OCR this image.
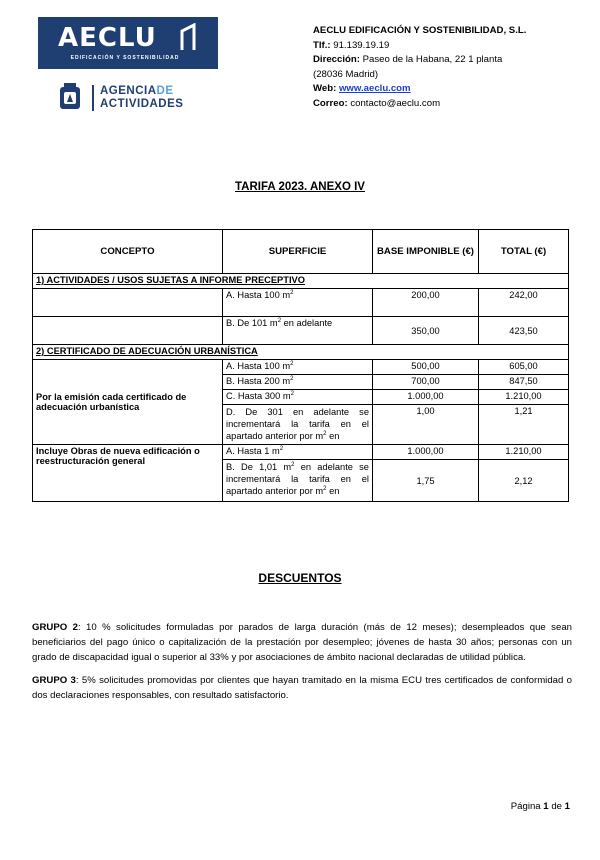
AECLU
EDIFICACIÓN Y SOSTENIBILIDAD
AGENCIADE
ACTIVIDADES
AECLU EDIFICACIÓN Y SOSTENIBILIDAD, S.L.
Tlf.: 91.139.19.19
Dirección: Paseo de la Habana, 22 1 planta
(28036 Madrid)
Web: www.aeclu.com
Correo: contacto@aeclu.com
TARIFA 2023. ANEXO IV
CONCEPTO	SUPERFICIE	BASE IMPONIBLE (€)	TOTAL (€)
1) ACTIVIDADES / USOS SUJETAS A INFORME PRECEPTIVO			
	A. Hasta 100 $m^2$	200,00	242,00
	B. De 101 $m^2$ en adelante	350,00	423,50
2) CERTIFICADO DE ADECUACIÓN URBANÍSTICA			
Por la emisión cada certificado de adecuación urbanística	A. Hasta 100 $m^2$	500,00	605,00
	B. Hasta 200 $m^2$	700,00	847,50
	C. Hasta 300 $m^2$	1.000,00	1.210,00
	D. De 301 en adelante se incrementará la tarifa en el apartado anterior por $m^2$ en	1,00	1,21
Incluye Obras de nueva edificación o reestructuración general	A. Hasta 1 $m^2$	1.000,00	1.210,00
	B. De 1,01 $m^2$ en adelante se incrementará la tarifa en el apartado anterior por $m^2$ en	1,75	2,12
DESCUENTOS
GRUPO 2: 10 % solicitudes formuladas por parados de larga duración (más de 12 meses); desempleados que sean beneficiarios del pago único o capitalización de la prestación por desempleo; jóvenes de hasta 30 años; personas con un grado de discapacidad igual o superior al 33% y por asociaciones de ámbito nacional declaradas de utilidad pública.
GRUPO 3: 5% solicitudes promovidas por clientes que hayan tramitado en la misma ECU tres certificados de conformidad o dos declaraciones responsables, con resultado satisfactorio.
Página 1 de 1
